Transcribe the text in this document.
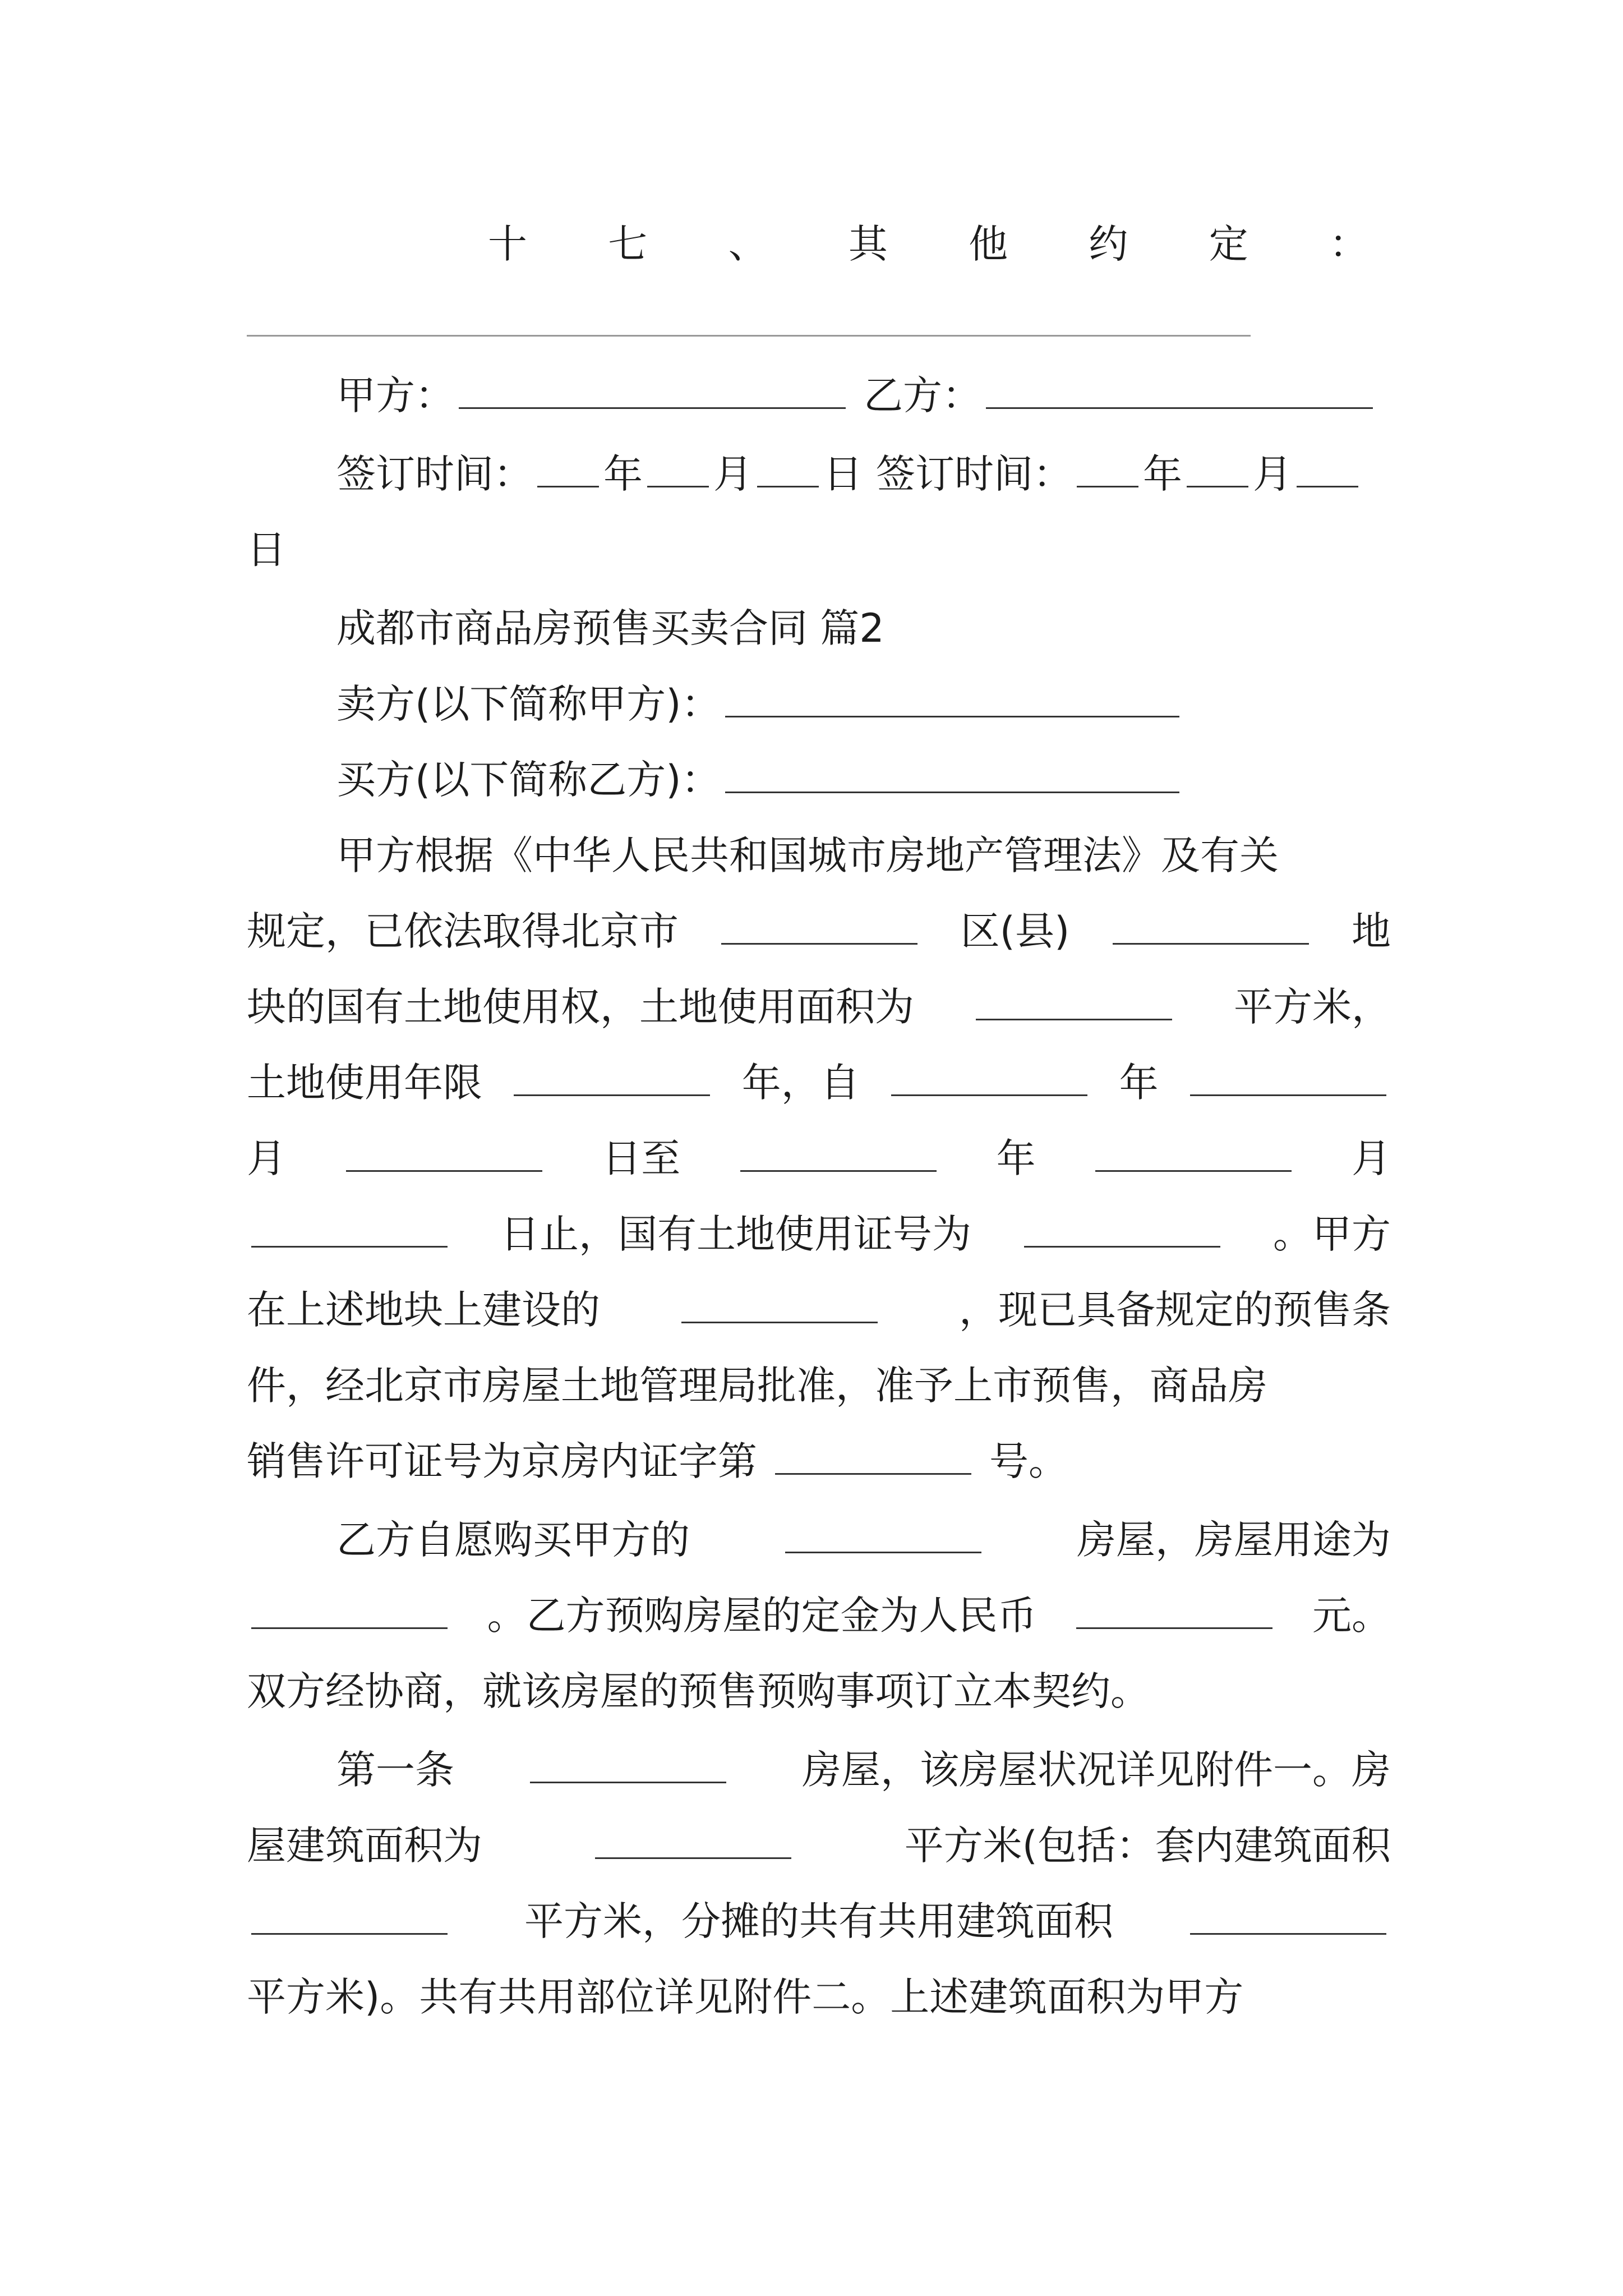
十 七 、 其 他 约 定 ：
甲方：	乙方：
签订时间： 年 月 日 签订时间： 年 月
日
成都市商品房预售买卖合同 篇2
卖方(以下简称甲方)：
买方(以下简称乙方)：
甲方根据《中华人民共和国城市房地产管理法》及有关
规定，已依法取得北京市	区(县)	地
块的国有土地使用权，土地使用面积为	平方米，
土地使用年限	年，自	年
月	日至	年	月
日止，国有土地使用证号为	。甲方
在上述地块上建设的	，现已具备规定的预售条
件，经北京市房屋土地管理局批准，准予上市预售，商品房
销售许可证号为京房内证字第	号。
乙方自愿购买甲方的	房屋，房屋用途为
。乙方预购房屋的定金为人民币	元。
双方经协商，就该房屋的预售预购事项订立本契约。
第一条	房屋，该房屋状况详见附件一。房
屋建筑面积为	平方米(包括：套内建筑面积
平方米，分摊的共有共用建筑面积
平方米)。共有共用部位详见附件二。上述建筑面积为甲方
